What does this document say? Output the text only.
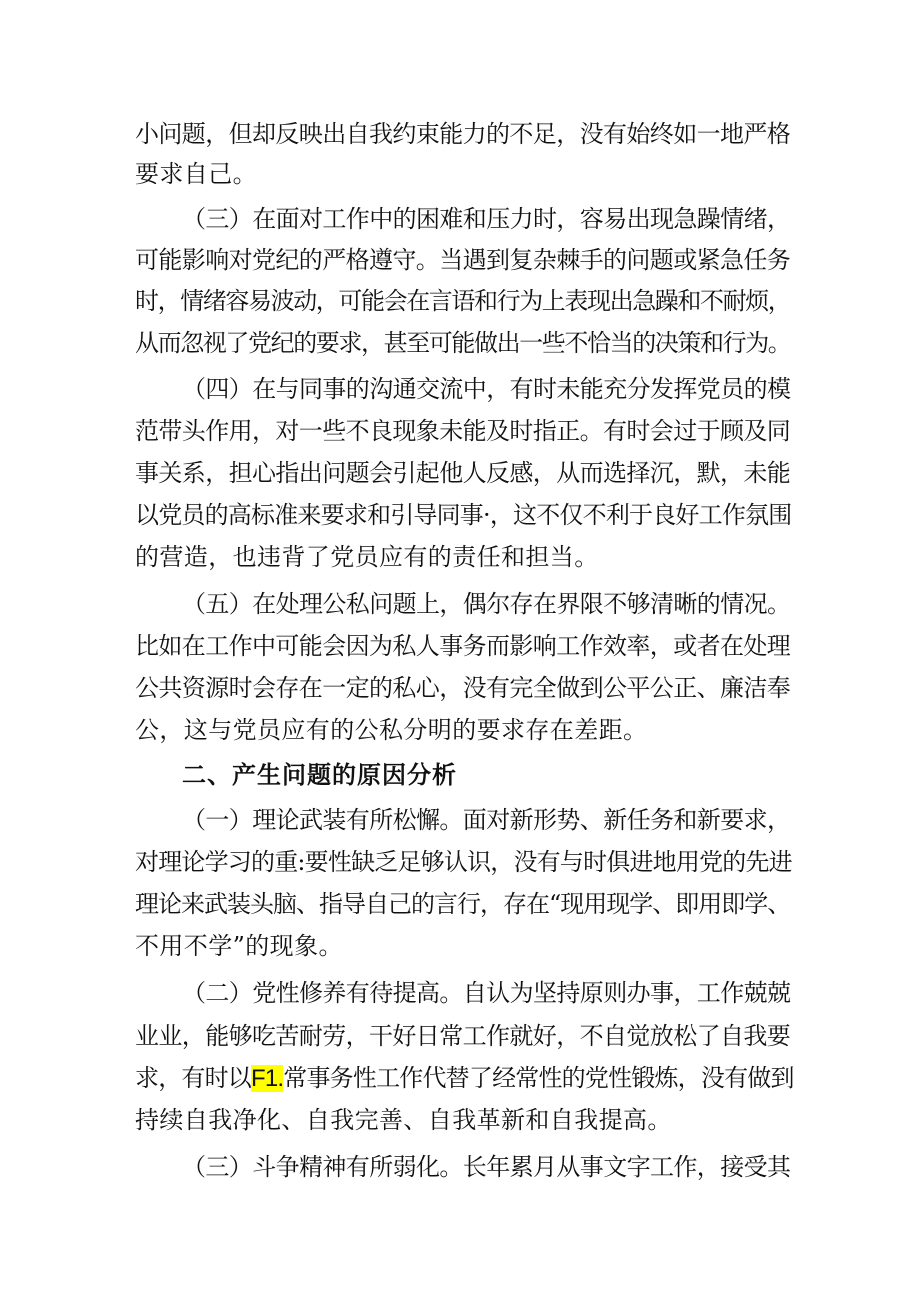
小问题，但却反映出自我约束能力的不足，没有始终如一地严格
要求自己。
（三）在面对工作中的困难和压力时，容易出现急躁情绪，
可能影响对党纪的严格遵守。当遇到复杂棘手的问题或紧急任务
时，情绪容易波动，可能会在言语和行为上表现出急躁和不耐烦，
从而忽视了党纪的要求，甚至可能做出一些不恰当的决策和行为。
（四）在与同事的沟通交流中，有时未能充分发挥党员的模
范带头作用，对一些不良现象未能及时指正。有时会过于顾及同
事关系，担心指出问题会引起他人反感，从而选择沉，默，未能
以党员的高标准来要求和引导同事·，这不仅不利于良好工作氛围
的营造，也违背了党员应有的责任和担当。
（五）在处理公私问题上，偶尔存在界限不够清晰的情况。
比如在工作中可能会因为私人事务而影响工作效率，或者在处理
公共资源时会存在一定的私心，没有完全做到公平公正、廉洁奉
公，这与党员应有的公私分明的要求存在差距。
二、产生问题的原因分析
（一）理论武装有所松懈。面对新形势、新任务和新要求，
对理论学习的重:要性缺乏足够认识，没有与时俱进地用党的先进
理论来武装头脑、指导自己的言行，存在“现用现学、即用即学、
不用不学”的现象。
（二）党性修养有待提高。自认为坚持原则办事，工作兢兢
业业，能够吃苦耐劳，干好日常工作就好，不自觉放松了自我要
求，有时以F1.常事务性工作代替了经常性的党性锻炼，没有做到
持续自我净化、自我完善、自我革新和自我提高。
（三）斗争精神有所弱化。长年累月从事文字工作，接受其
